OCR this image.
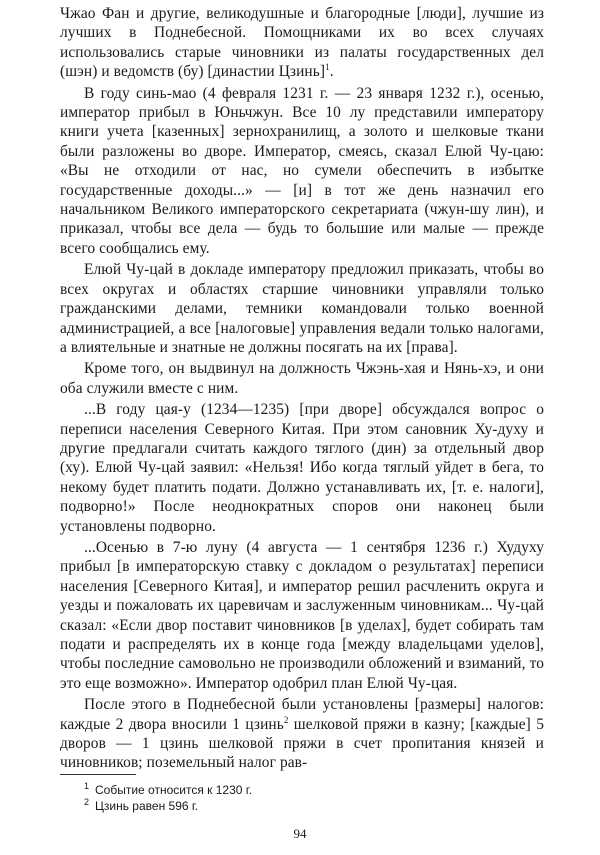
Чжао Фан и другие, великодушные и благородные [люди], лучшие из лучших в Поднебесной. Помощниками их во всех случаях использовались старые чиновники из палаты государственных дел (шэн) и ведомств (бу) [династии Цзинь]$^1$.

В году синь-мао (4 февраля 1231 г. — 23 января 1232 г.), осенью, император прибыл в Юньчжун. Все 10 лу представили императору книги учета [казенных] зернохранилищ, а золото и шелковые ткани были разложены во дворе. Император, смеясь, сказал Елюй Чу-цаю: «Вы не отходили от нас, но сумели обеспечить в избытке государственные доходы...» — [и] в тот же день назначил его начальником Великого императорского секретариата (чжун-шу лин), и приказал, чтобы все дела — будь то большие или малые — прежде всего сообщались ему.

Елюй Чу-цай в докладе императору предложил приказать, чтобы во всех округах и областях старшие чиновники управляли только гражданскими делами, темники командовали только военной администрацией, а все [налоговые] управления ведали только налогами, а влиятельные и знатные не должны посягать на их [права].

Кроме того, он выдвинул на должность Чжэнь-хая и Нянь-хэ, и они оба служили вместе с ним.

...В году цая-у (1234—1235) [при дворе] обсуждался вопрос о переписи населения Северного Китая. При этом сановник Ху-духу и другие предлагали считать каждого тяглого (дин) за отдельный двор (ху). Елюй Чу-цай заявил: «Нельзя! Ибо когда тяглый уйдет в бега, то некому будет платить подати. Должно устанавливать их, [т. е. налоги], подворно!» После неоднократных споров они наконец были установлены подворно.

...Осенью в 7-ю луну (4 августа — 1 сентября 1236 г.) Худуху прибыл [в императорскую ставку с докладом о результатах] переписи населения [Северного Китая], и император решил расчленить округа и уезды и пожаловать их царевичам и заслуженным чиновникам... Чу-цай сказал: «Если двор поставит чиновников [в уделах], будет собирать там подати и распределять их в конце года [между владельцами уделов], чтобы последние самовольно не производили обложений и взиманий, то это еще возможно». Император одобрил план Елюй Чу-цая.

После этого в Поднебесной были установлены [размеры] налогов: каждые 2 двора вносили 1 цзинь$^2$ шелковой пряжи в казну; [каждые] 5 дворов — 1 цзинь шелковой пряжи в счет пропитания князей и чиновников; поземельный налог рав-

$^1$ Событие относится к 1230 г.

$^2$ Цзинь равен 596 г.

94
